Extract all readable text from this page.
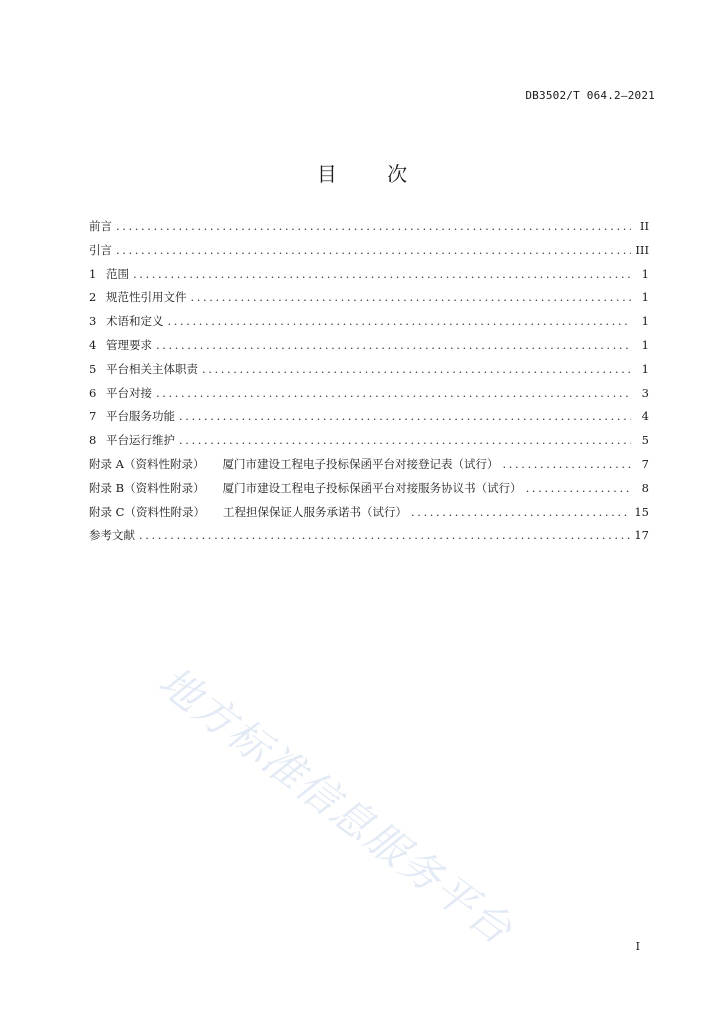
DB3502/T 064.2—2021
目 次
前言 .....	II
引言 .....	III
1 范围 .....	1
2 规范性引用文件 .....	1
3 术语和定义 .....	1
4 管理要求 .....	1
5 平台相关主体职责 .....	1
6 平台对接 .....	3
7 平台服务功能 .....	4
8 平台运行维护 .....	5
附录 A（资料性附录） 厦门市建设工程电子投标保函平台对接登记表（试行） .....	7
附录 B（资料性附录） 厦门市建设工程电子投标保函平台对接服务协议书（试行） .....	8
附录 C（资料性附录） 工程担保保证人服务承诺书（试行） .....	15
参考文献 .....	17
地方标准信息服务平台	I
